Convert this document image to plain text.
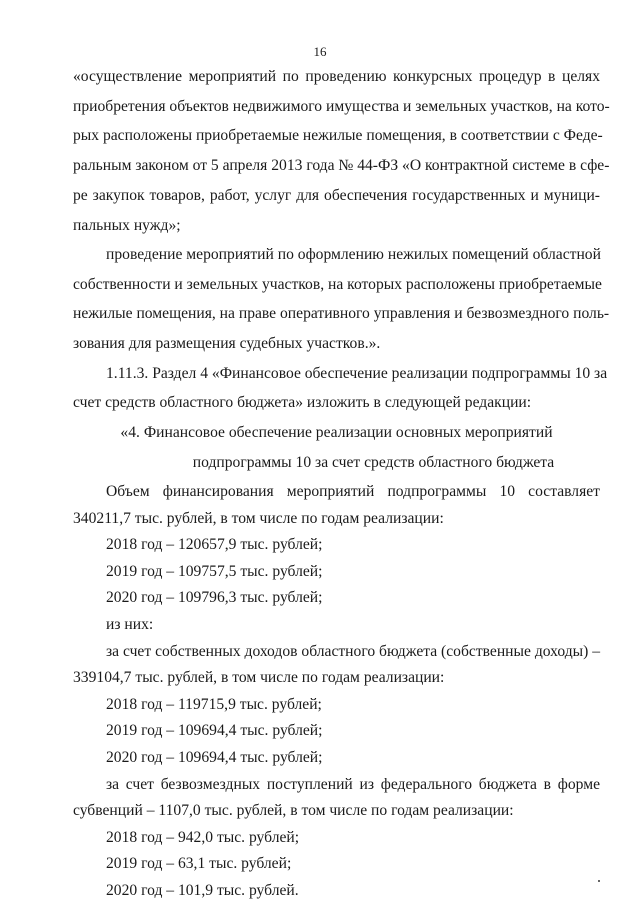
16
«осуществление мероприятий по проведению конкурсных процедур в целях
приобретения объектов недвижимого имущества и земельных участков, на кото-
рых расположены приобретаемые нежилые помещения, в соответствии с Феде-
ральным законом от 5 апреля 2013 года № 44-ФЗ «О контрактной системе в сфе-
ре закупок товаров, работ, услуг для обеспечения государственных и муници-
пальных нужд»;
проведение мероприятий по оформлению нежилых помещений областной
собственности и земельных участков, на которых расположены приобретаемые
нежилые помещения, на праве оперативного управления и безвозмездного поль-
зования для размещения судебных участков.».
1.11.3. Раздел 4 «Финансовое обеспечение реализации подпрограммы 10 за
счет средств областного бюджета» изложить в следующей редакции:
«4. Финансовое обеспечение реализации основных мероприятий
подпрограммы 10 за счет средств областного бюджета
Объем финансирования мероприятий подпрограммы 10 составляет
340211,7 тыс. рублей, в том числе по годам реализации:
2018 год – 120657,9 тыс. рублей;
2019 год – 109757,5 тыс. рублей;
2020 год – 109796,3 тыс. рублей;
из них:
за счет собственных доходов областного бюджета (собственные доходы) –
339104,7 тыс. рублей, в том числе по годам реализации:
2018 год – 119715,9 тыс. рублей;
2019 год – 109694,4 тыс. рублей;
2020 год – 109694,4 тыс. рублей;
за счет безвозмездных поступлений из федерального бюджета в форме
субвенций – 1107,0 тыс. рублей, в том числе по годам реализации:
2018 год – 942,0 тыс. рублей;
2019 год – 63,1 тыс. рублей;
2020 год – 101,9 тыс. рублей.
